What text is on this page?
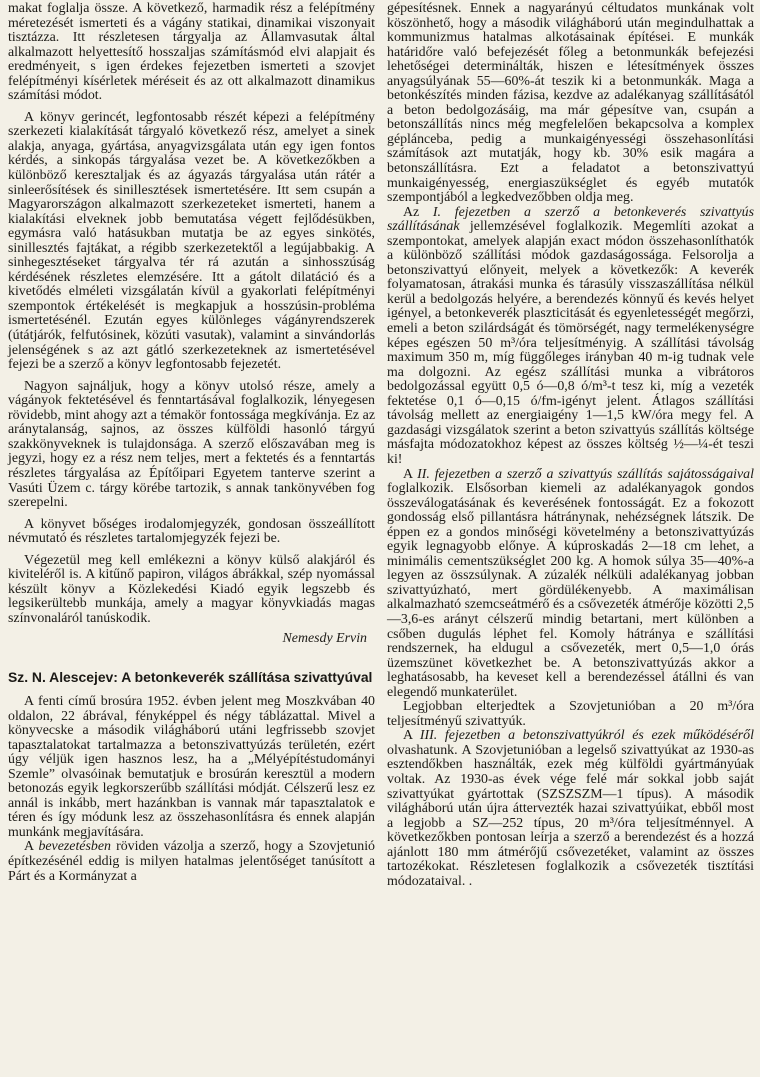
makat foglalja össze. A következő, harmadik rész a felépítmény méretezését ismerteti és a vágány statikai, dinamikai viszonyait tisztázza. Itt részletesen tárgyalja az Államvasutak által alkalmazott helyettesítő hosszaljas számításmód elvi alapjait és eredményeit, s igen érdekes fejezetben ismerteti a szovjet felépítményi kísérletek méréseit és az ott alkalmazott dinamikus számítási módot.

A könyv gerincét, legfontosabb részét képezi a felépítmény szerkezeti kialakítását tárgyaló következő rész, amelyet a sinek alakja, anyaga, gyártása, anyagvizsgálata után egy igen fontos kérdés, a sinkopás tárgyalása vezet be. A következőkben a különböző keresztaljak és az ágyazás tárgyalása után rátér a sinleerősítések és sinillesztések ismertetésére. Itt sem csupán a Magyarországon alkalmazott szerkezeteket ismerteti, hanem a kialakítási elveknek jobb bemutatása végett fejlődésükben, egymásra való hatásukban mutatja be az egyes sinkötés, sinillesztés fajtákat, a régibb szerkezetektől a legújabbakig. A sinhegesztéseket tárgyalva tér rá azután a sinhosszúság kérdésének részletes elemzésére. Itt a gátolt dilatáció és a kivetődés elméleti vizsgálatán kívül a gyakorlati felépítményi szempontok értékelését is megkapjuk a hosszúsin-probléma ismertetésénél. Ezután egyes különleges vágányrendszerek (útátjárók, felfutósinek, közúti vasutak), valamint a sinvándorlás jelenségének s az azt gátló szerkezeteknek az ismertetésével fejezi be a szerző a könyv legfontosabb fejezetét.

Nagyon sajnáljuk, hogy a könyv utolsó része, amely a vágányok fektetésével és fenntartásával foglalkozik, lényegesen rövidebb, mint ahogy azt a témakör fontossága megkívánja. Ez az aránytalanság, sajnos, az összes külföldi hasonló tárgyú szakkönyveknek is tulajdonsága. A szerző előszavában meg is jegyzi, hogy ez a rész nem teljes, mert a fektetés és a fenntartás részletes tárgyalása az Építőipari Egyetem tanterve szerint a Vasúti Üzem c. tárgy körébe tartozik, s annak tankönyvében fog szerepelni.

A könyvet bőséges irodalomjegyzék, gondosan összeállított névmutató és részletes tartalomjegyzék fejezi be.

Végezetül meg kell emlékezni a könyv külső alakjáról és kiviteléről is. A kitűnő papiron, világos ábrákkal, szép nyomással készült könyv a Közlekedési Kiadó egyik legszebb és legsikerültebb munkája, amely a magyar könyvkiadás magas színvonaláról tanúskodik.

Nemesdy Ervin
Sz. N. Alescejev: A betonkeverék szállítása szivattyúval

A fenti című brosúra 1952. évben jelent meg Moszkvában 40 oldalon, 22 ábrával, fényképpel és négy táblázattal. Mivel a könyvecske a második világháború utáni legfrissebb szovjet tapasztalatokat tartalmazza a betonszivattyúzás területén, ezért úgy véljük igen hasznos lesz, ha a „Mélyépítéstudományi Szemle” olvasóinak bemutatjuk e brosúrán keresztül a modern betonozás egyik legkorszerűbb szállítási módját. Célszerű lesz ez annál is inkább, mert hazánkban is vannak már tapasztalatok e téren és így módunk lesz az összehasonlításra és ennek alapján munkánk megjavítására.

A bevezetésben röviden vázolja a szerző, hogy a Szovjetunió építkezésénél eddig is milyen hatalmas jelentőséget tanúsított a Párt és a Kormányzat a

gépesítésnek. Ennek a nagyarányú céltudatos munkának volt köszönhető, hogy a második világháború után megindulhattak a kommunizmus hatalmas alkotásainak építései. E munkák határidőre való befejezését főleg a betonmunkák befejezési lehetőségei determinálták, hiszen e létesítmények összes anyagsúlyának 55—60%-át teszik ki a betonmunkák. Maga a betonkészítés minden fázisa, kezdve az adalékanyag szállításától a beton bedolgozásáig, ma már gépesítve van, csupán a betonszállítás nincs még megfelelően bekapcsolva a komplex géplánceba, pedig a munkaigényességi összehasonlítási számítások azt mutatják, hogy kb. 30% esik magára a betonszállításra. Ezt a feladatot a betonszivattyú munkaigényesség, energiaszükséglet és egyéb mutatók szempontjából a legkedvezőbben oldja meg.

Az I. fejezetben a szerző a betonkeverés szivattyús szállításának jellemzésével foglalkozik. Megemlíti azokat a szempontokat, amelyek alapján exact módon összehasonlíthatók a különböző szállítási módok gazdaságossága. Felsorolja a betonszivattyú előnyeit, melyek a következők: A keverék folyamatosan, átrakási munka és tárasúly visszaszállítása nélkül kerül a bedolgozás helyére, a berendezés könnyű és kevés helyet igényel, a betonkeverék plaszticitását és egyenletességét megőrzi, emeli a beton szilárdságát és tömörségét, nagy termelékenységre képes egészen 50 m³/óra teljesítményig. A szállítási távolság maximum 350 m, míg függőleges irányban 40 m-ig tudnak vele ma dolgozni. Az egész szállítási munka a vibrátoros bedolgozással együtt 0,5 ó—0,8 ó/m³-t tesz ki, míg a vezeték fektetése 0,1 ó—0,15 ó/fm-igényt jelent. Átlagos szállítási távolság mellett az energiaigény 1—1,5 kW/óra megy fel. A gazdasági vizsgálatok szerint a beton szivattyús szállítás költsége másfajta módozatokhoz képest az összes költség ½—¼-ét teszi ki!

A II. fejezetben a szerző a szivattyús szállítás sajátosságaival foglalkozik. Elsősorban kiemeli az adalékanyagok gondos összeválogatásának és keverésének fontosságát. Ez a fokozott gondosság első pillantásra hátránynak, nehézségnek látszik. De éppen ez a gondos minőségi követelmény a betonszivattyúzás egyik legnagyobb előnye. A kúproskadás 2—18 cm lehet, a minimális cementszükséglet 200 kg. A homok súlya 35—40%-a legyen az összsúlynak. A zúzalék nélküli adalékanyag jobban szivattyúzható, mert gördülékenyebb. A maximálisan alkalmazható szemcseátmérő és a csővezeték átmérője közötti 2,5—3,6-es arányt célszerű mindig betartani, mert különben a csőben dugulás léphet fel. Komoly hátránya e szállítási rendszernek, ha eldugul a csővezeték, mert 0,5—1,0 órás üzemszünet következhet be. A betonszivattyúzás akkor a leghatásosabb, ha keveset kell a berendezéssel átállni és van elegendő munkaterület.

Legjobban elterjedtek a Szovjetunióban a 20 m³/óra teljesítményű szivattyúk.

A III. fejezetben a betonszivattyúkról és ezek működéséről olvashatunk. A Szovjetunióban a legelső szivattyúkat az 1930-as esztendőkben használták, ezek még külföldi gyártmányúak voltak. Az 1930-as évek vége felé már sokkal jobb saját szivattyúkat gyártottak (SZSZSZM—1 típus). A második világháború után újra áttervezték hazai szivattyúikat, ebből most a legjobb a SZ—252 típus, 20 m³/óra teljesítménnyel. A következőkben pontosan leírja a szerző a berendezést és a hozzá ajánlott 180 mm átmérőjű csővezetéket, valamint az összes tartozékokat. Részletesen foglalkozik a csővezeték tisztítási módozataival. .
